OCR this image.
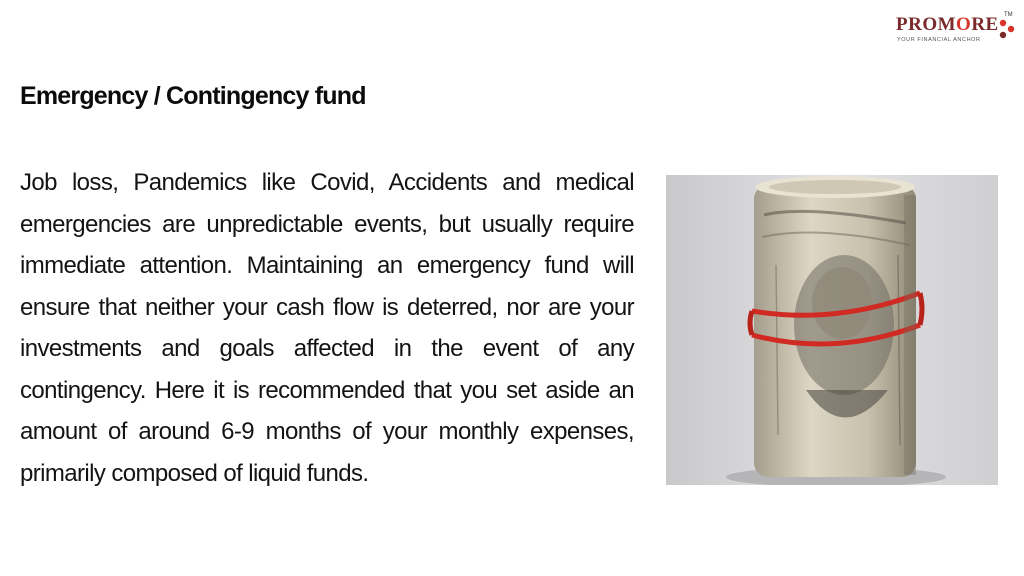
PROMORE TM
YOUR FINANCIAL ANCHOR
Emergency / Contingency fund

Job loss, Pandemics like Covid, Accidents and medical emergencies are unpredictable events, but usually require immediate attention. Maintaining an emergency fund will ensure that neither your cash flow is deterred, nor are your investments and goals affected in the event of any contingency. Here it is recommended that you set aside an amount of around 6-9 months of your monthly expenses, primarily composed of liquid funds.
